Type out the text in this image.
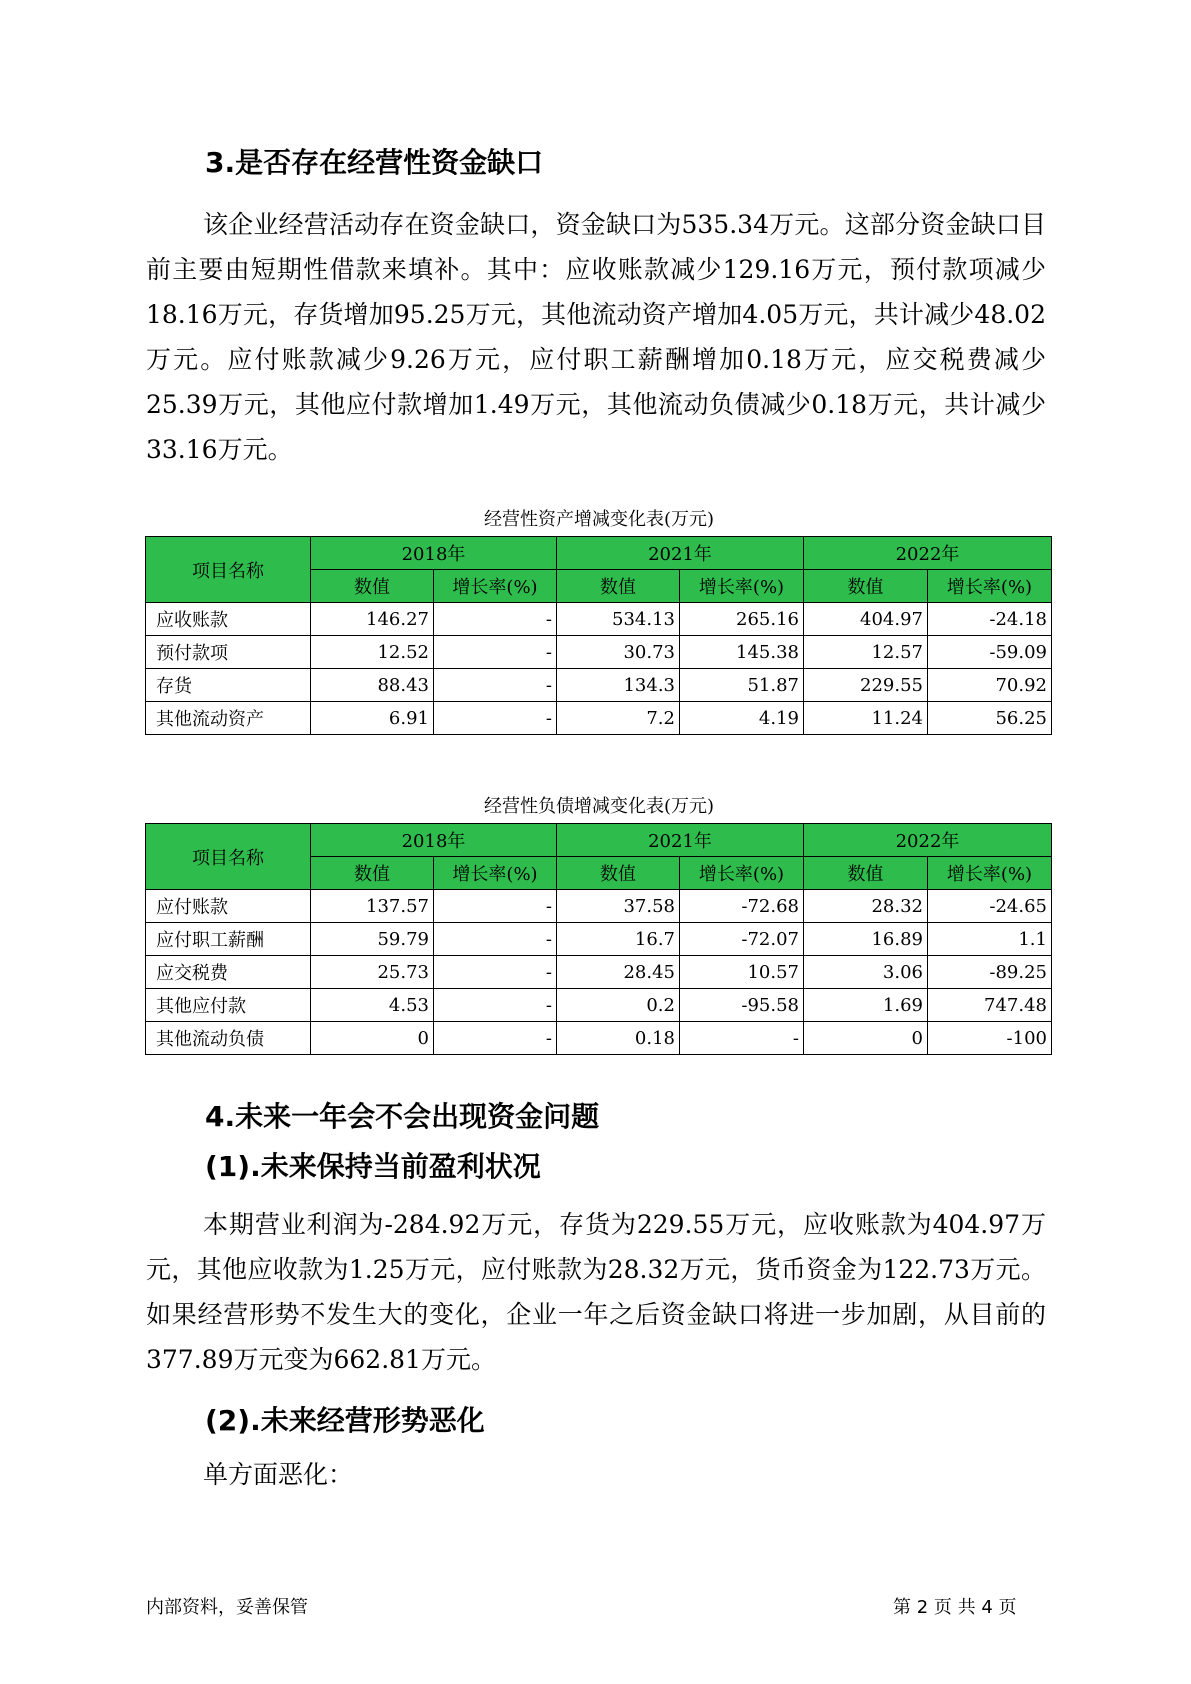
3.是否存在经营性资金缺口

该企业经营活动存在资金缺口，资金缺口为535.34万元。这部分资金缺口目前主要由短期性借款来填补。其中：应收账款减少129.16万元，预付款项减少18.16万元，存货增加95.25万元，其他流动资产增加4.05万元，共计减少48.02万元。应付账款减少9.26万元，应付职工薪酬增加0.18万元，应交税费减少25.39万元，其他应付款增加1.49万元，其他流动负债减少0.18万元，共计减少33.16万元。

经营性资产增减变化表(万元)
项目名称	2018年		2021年		2022年	
	数值	增长率(%)	数值	增长率(%)	数值	增长率(%)
应收账款	146.27	-	534.13	265.16	404.97	-24.18
预付款项	12.52	-	30.73	145.38	12.57	-59.09
存货	88.43	-	134.3	51.87	229.55	70.92
其他流动资产	6.91	-	7.2	4.19	11.24	56.25
经营性负债增减变化表(万元)
项目名称	2018年		2021年		2022年	
	数值	增长率(%)	数值	增长率(%)	数值	增长率(%)
应付账款	137.57	-	37.58	-72.68	28.32	-24.65
应付职工薪酬	59.79	-	16.7	-72.07	16.89	1.1
应交税费	25.73	-	28.45	10.57	3.06	-89.25
其他应付款	4.53	-	0.2	-95.58	1.69	747.48
其他流动负债	0	-	0.18	-	0	-100
4.未来一年会不会出现资金问题
(1).未来保持当前盈利状况

本期营业利润为-284.92万元，存货为229.55万元，应收账款为404.97万元，其他应收款为1.25万元，应付账款为28.32万元，货币资金为122.73万元。如果经营形势不发生大的变化，企业一年之后资金缺口将进一步加剧，从目前的377.89万元变为662.81万元。

(2).未来经营形势恶化

单方面恶化：

内部资料，妥善保管	第 2 页 共 4 页
